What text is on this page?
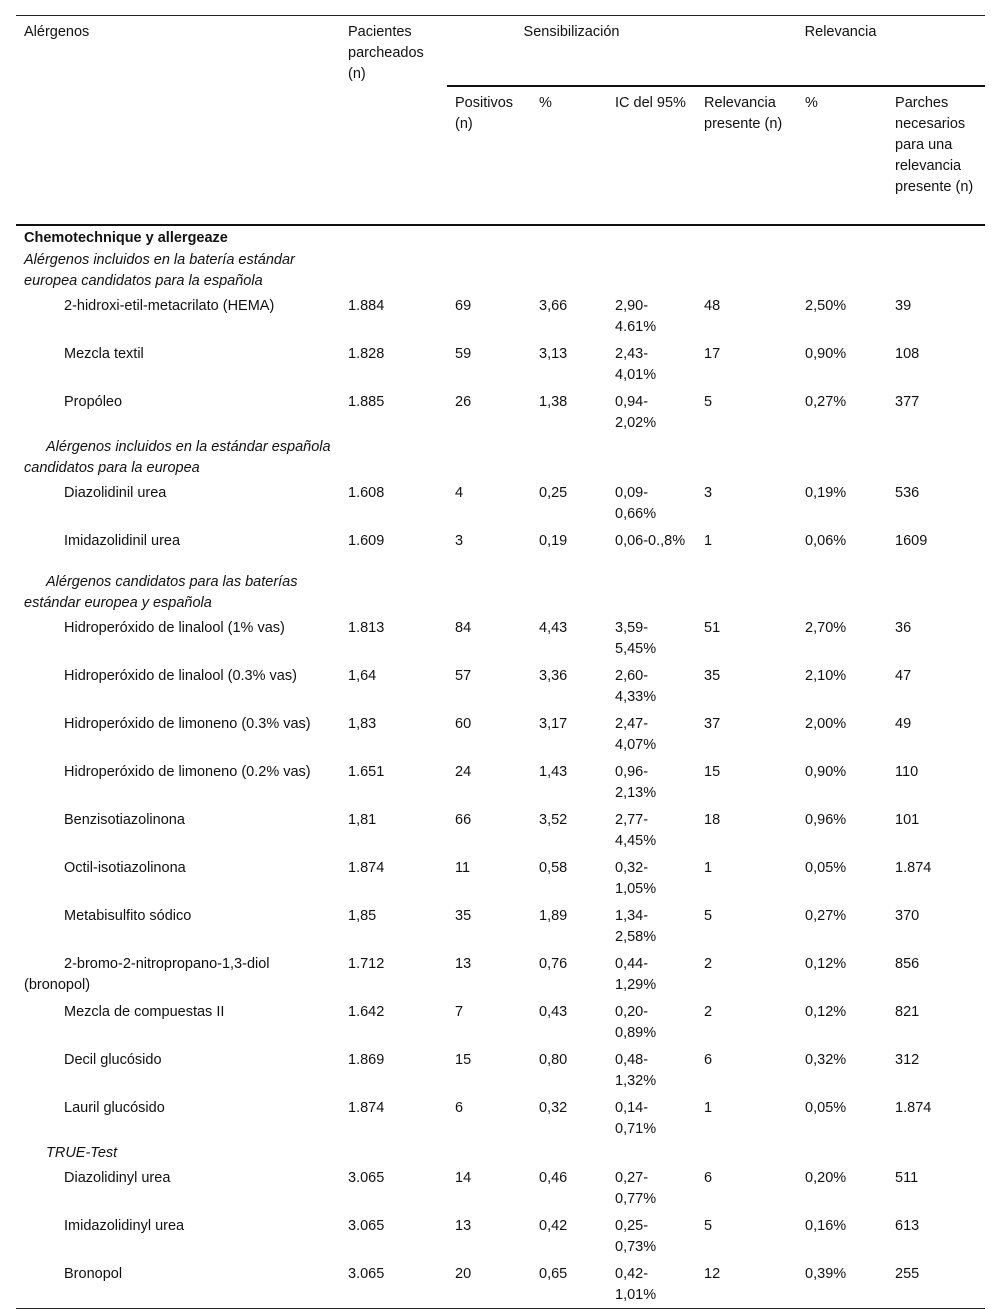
Alérgenos	Pacientes parcheados (n)	Sensibilización			Relevancia		
		Positivos (n)	%	IC del 95%	Relevancia presente (n)	%	Parches necesarios para una relevancia presente (n)
Chemotechnique y allergeaze							
Alérgenos incluidos en la batería estándar europea candidatos para la española							
2-hidroxi-etil-metacrilato (HEMA)	1.884	69	3,66	2,90-4.61%	48	2,50%	39
Mezcla textil	1.828	59	3,13	2,43-4,01%	17	0,90%	108
Propóleo	1.885	26	1,38	0,94-2,02%	5	0,27%	377
Alérgenos incluidos en la estándar española candidatos para la europea							
Diazolidinil urea	1.608	4	0,25	0,09-0,66%	3	0,19%	536
Imidazolidinil urea	1.609	3	0,19	0,06-0.,8%	1	0,06%	1609
Alérgenos candidatos para las baterías estándar europea y española							
Hidroperóxido de linalool (1% vas)	1.813	84	4,43	3,59-5,45%	51	2,70%	36
Hidroperóxido de linalool (0.3% vas)	1,64	57	3,36	2,60-4,33%	35	2,10%	47
Hidroperóxido de limoneno (0.3% vas)	1,83	60	3,17	2,47-4,07%	37	2,00%	49
Hidroperóxido de limoneno (0.2% vas)	1.651	24	1,43	0,96-2,13%	15	0,90%	110
Benzisotiazolinona	1,81	66	3,52	2,77-4,45%	18	0,96%	101
Octil-isotiazolinona	1.874	11	0,58	0,32-1,05%	1	0,05%	1.874
Metabisulfito sódico	1,85	35	1,89	1,34-2,58%	5	0,27%	370
2-bromo-2-nitropropano-1,3-diol (bronopol)	1.712	13	0,76	0,44-1,29%	2	0,12%	856
Mezcla de compuestas II	1.642	7	0,43	0,20-0,89%	2	0,12%	821
Decil glucósido	1.869	15	0,80	0,48-1,32%	6	0,32%	312
Lauril glucósido	1.874	6	0,32	0,14-0,71%	1	0,05%	1.874
TRUE-Test							
Diazolidinyl urea	3.065	14	0,46	0,27-0,77%	6	0,20%	511
Imidazolidinyl urea	3.065	13	0,42	0,25-0,73%	5	0,16%	613
Bronopol	3.065	20	0,65	0,42-1,01%	12	0,39%	255
